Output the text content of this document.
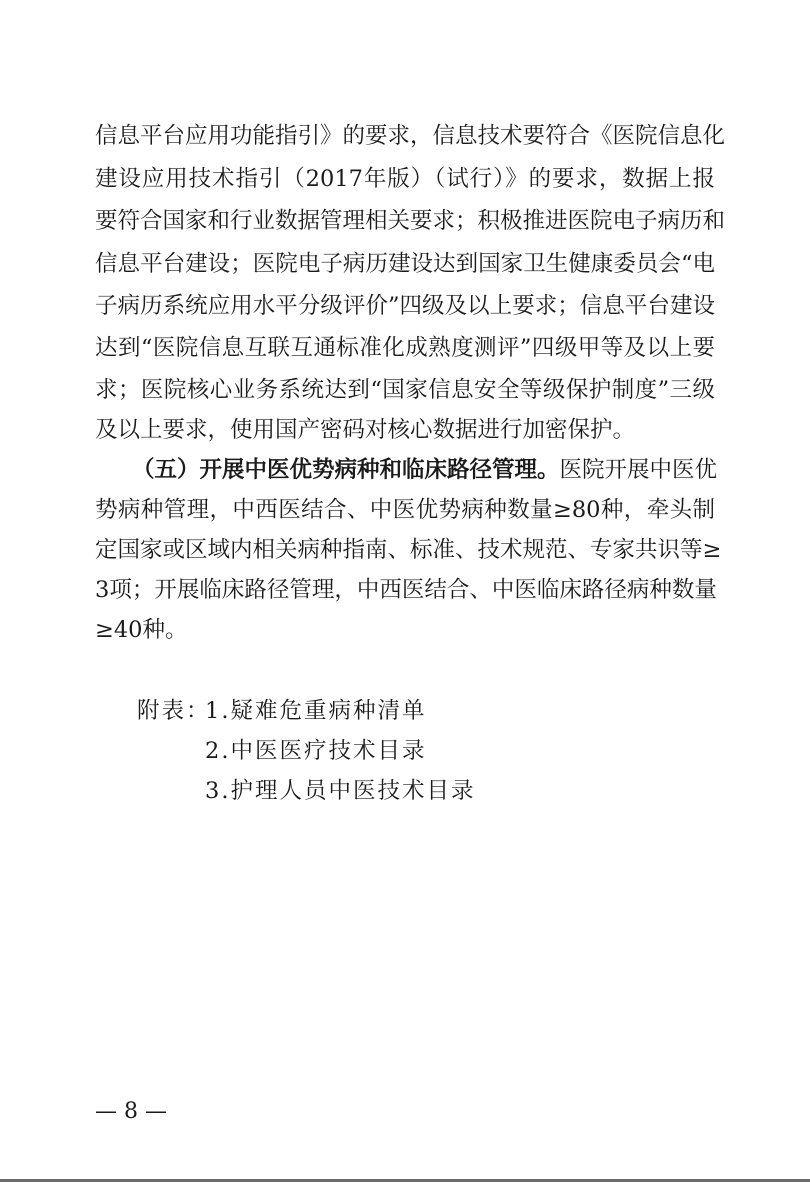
信息平台应用功能指引》的要求，信息技术要符合《医院信息化
建设应用技术指引（2017年版）（试行）》的要求，数据上报
要符合国家和行业数据管理相关要求；积极推进医院电子病历和
信息平台建设；医院电子病历建设达到国家卫生健康委员会“电
子病历系统应用水平分级评价”四级及以上要求；信息平台建设
达到“医院信息互联互通标准化成熟度测评”四级甲等及以上要
求；医院核心业务系统达到“国家信息安全等级保护制度”三级
及以上要求，使用国产密码对核心数据进行加密保护。
（五）开展中医优势病种和临床路径管理。医院开展中医优
势病种管理，中西医结合、中医优势病种数量≥80种，牵头制
定国家或区域内相关病种指南、标准、技术规范、专家共识等≥
3项；开展临床路径管理，中西医结合、中医临床路径病种数量
≥40种。
附表：
1.疑难危重病种清单
2.中医医疗技术目录
3.护理人员中医技术目录
— 8 —
